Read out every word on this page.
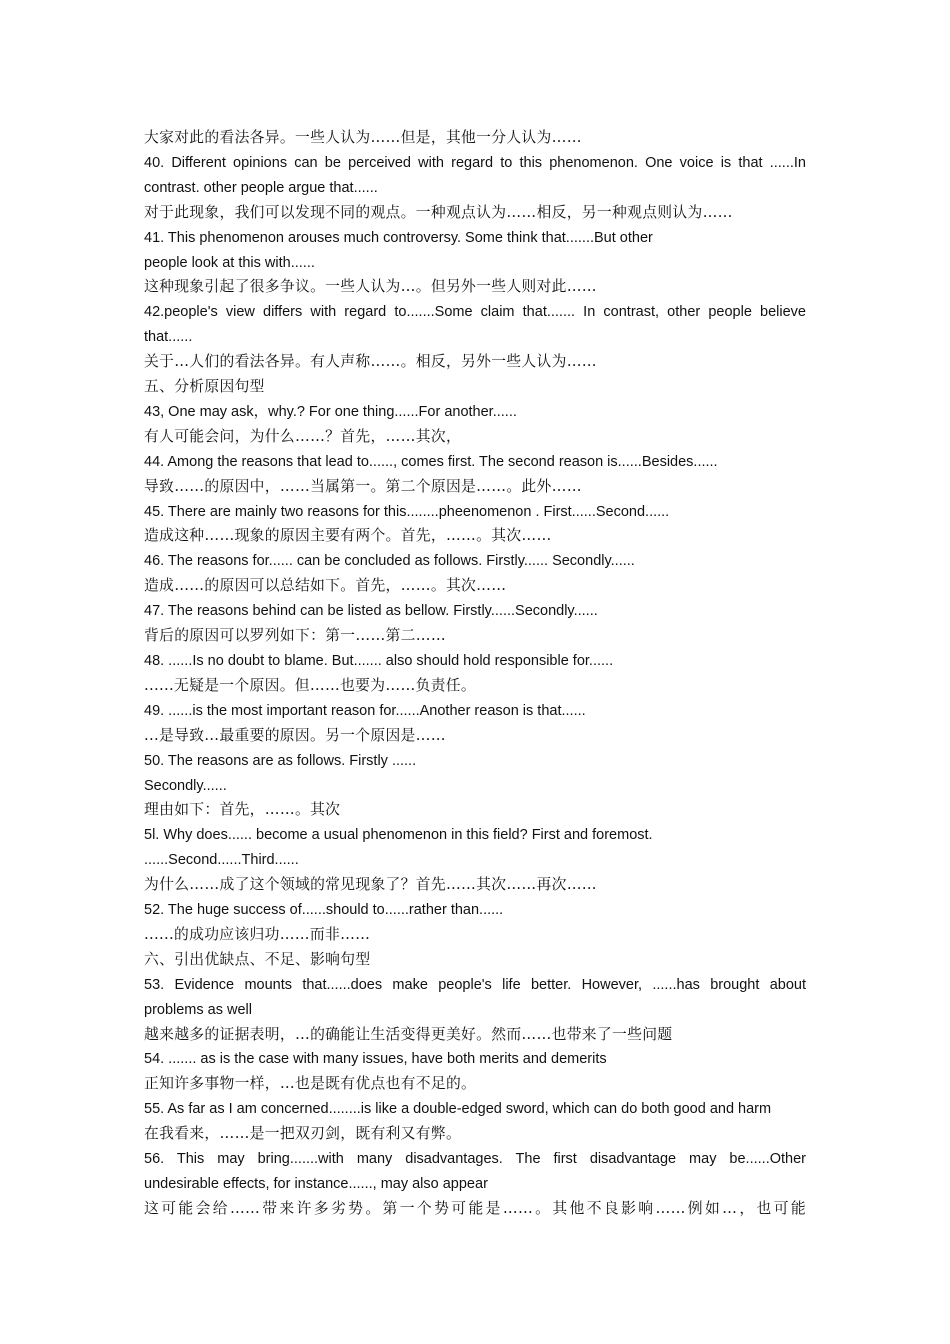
大家对此的看法各异。一些人认为……但是，其他一分人认为……
40. Different opinions can be perceived with regard to this phenomenon. One voice is that ......In
contrast. other people argue that......
对于此现象，我们可以发现不同的观点。一种观点认为……相反，另一种观点则认为……
41. This phenomenon arouses much controversy. Some think that.......But other
people look at this with......
这种现象引起了很多争议。一些人认为…。但另外一些人则对此……
42.people's view differs with regard to.......Some claim that....... In contrast, other people believe
that......
关于…人们的看法各异。有人声称……。相反，另外一些人认为……
五、分析原因句型
43, One may ask，why.? For one thing......For another......
有人可能会问，为什么……？首先，……其次，
44. Among the reasons that lead to......, comes first. The second reason is......Besides......
导致……的原因中，……当属第一。第二个原因是……。此外……
45. There are mainly two reasons for this........pheenomenon . First......Second......
造成这种……现象的原因主要有两个。首先，……。其次……
46. The reasons for...... can be concluded as follows. Firstly...... Secondly......
造成……的原因可以总结如下。首先，……。其次……
47. The reasons behind can be listed as bellow. Firstly......Secondly......
背后的原因可以罗列如下：第一……第二……
48. ......Is no doubt to blame. But....... also should hold responsible for......
......无疑是一个原因。但……也要为……负责任。
49. ......is the most important reason for......Another reason is that......
...是导致…最重要的原因。另一个原因是……
50. The reasons are as follows. Firstly ......
Secondly......
理由如下：首先，……。其次
5l. Why does...... become a usual phenomenon in this field? First and foremost.
......Second......Third......
为什么……成了这个领域的常见现象了？首先……其次……再次……
52. The huge success of......should to......rather than......
......的成功应该归功……而非……
六、引出优缺点、不足、影响句型
53. Evidence mounts that......does make people's life better. However, ......has brought about
problems as well
越来越多的证据表明，…的确能让生活变得更美好。然而……也带来了一些问题
54. ....... as is the case with many issues, have both merits and demerits
正知许多事物一样，…也是既有优点也有不足的。
55. As far as I am concerned........is like a double-edged sword, which can do both good and harm
在我看来，……是一把双刃剑，既有利又有弊。
56. This may bring.......with many disadvantages. The first disadvantage may be......Other
undesirable effects, for instance......, may also appear
这可能会给……带来许多劣势。第一个势可能是……。其他不良影响……例如…，也可能
